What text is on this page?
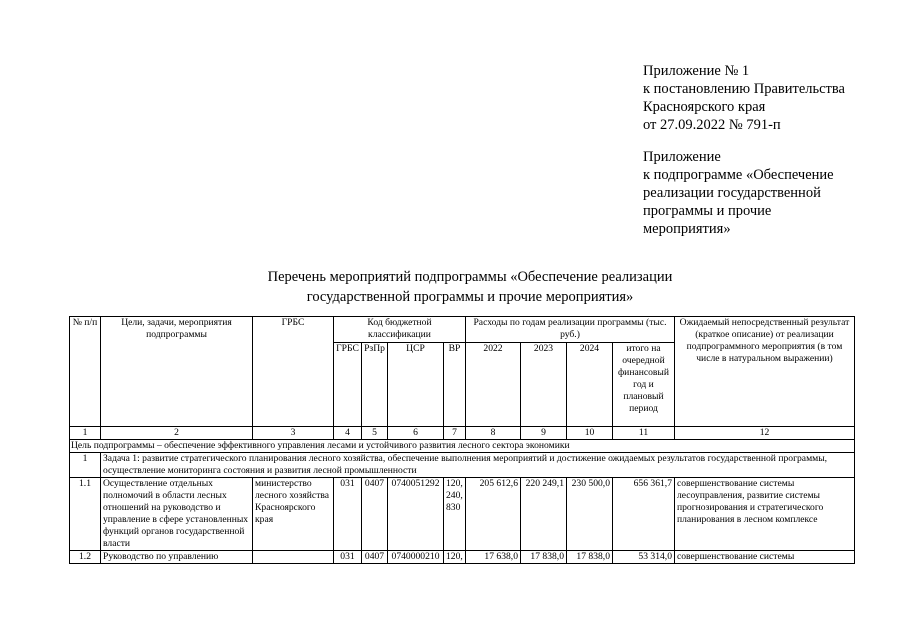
Приложение № 1
к постановлению Правительства
Красноярского края
от 27.09.2022 № 791-п
Приложение
к подпрограмме «Обеспечение
реализации государственной
программы и прочие
мероприятия»
Перечень мероприятий подпрограммы «Обеспечение реализации
государственной программы и прочие мероприятия»
№ п/п	Цели, задачи, мероприятия подпрограммы	ГРБС	Код бюджетной классификации				Расходы по годам реализации программы (тыс. руб.)				Ожидаемый непосредственный результат (краткое описание) от реализации подпрограммного мероприятия (в том числе в натуральном выражении)
			ГРБС	РзПр	ЦСР	ВР	2022	2023	2024	итого на очередной финансовый год и плановый период	
1	2	3	4	5	6	7	8	9	10	11	12
Цель подпрограммы – обеспечение эффективного управления лесами и устойчивого развития лесного сектора экономики											
1	Задача 1: развитие стратегического планирования лесного хозяйства, обеспечение выполнения мероприятий и достижение ожидаемых результатов государственной программы, осуществление мониторинга состояния и развития лесной промышленности										
1.1	Осуществление отдельных полномочий в области лесных отношений на руководство и управление в сфере установленных функций органов государственной власти	министерство лесного хозяйства Красноярского края	031	0407	0740051292	120, 240, 830	205 612,6	220 249,1	230 500,0	656 361,7	совершенствование системы лесоуправления, развитие системы прогнозирования и стратегического планирования в лесном комплексе
1.2	Руководство по управлению		031	0407	0740000210	120,	17 638,0	17 838,0	17 838,0	53 314,0	совершенствование системы
